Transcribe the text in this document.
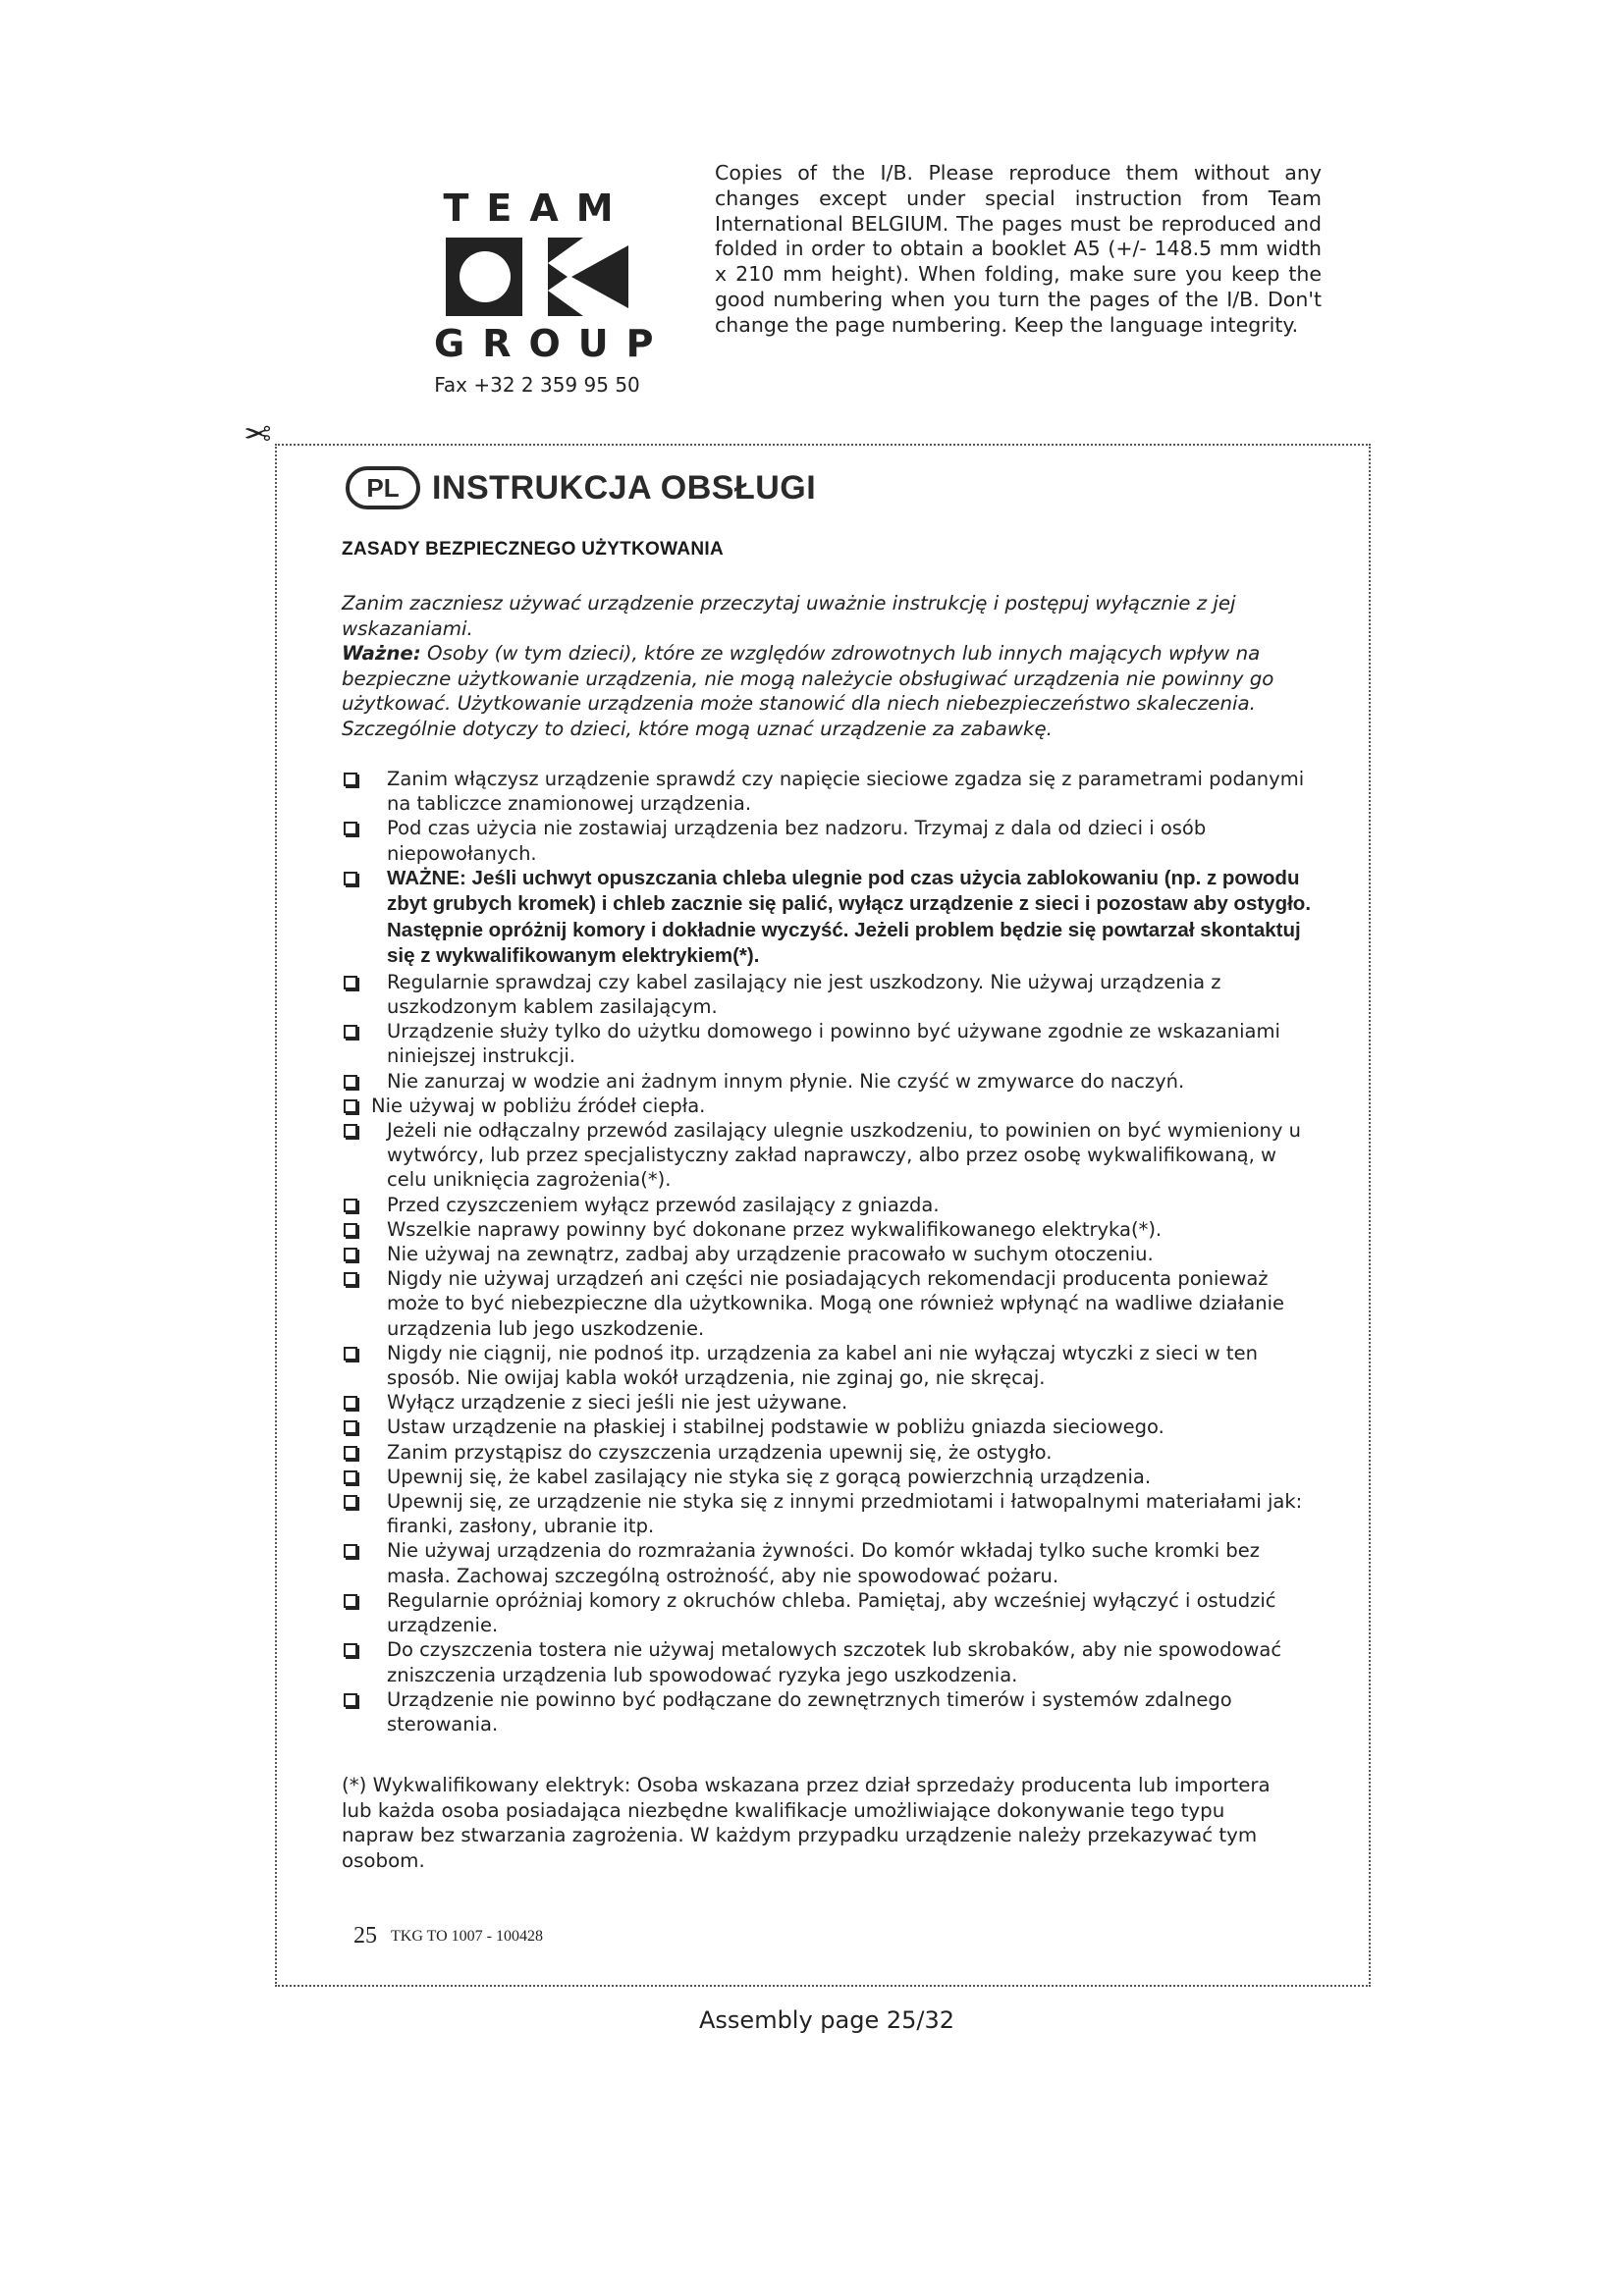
TEAM
GROUP
Fax +32 2 359 95 50
Copies of the I/B. Please reproduce them without any changes except under special instruction from Team International BELGIUM. The pages must be reproduced and folded in order to obtain a booklet A5 (+/- 148.5 mm width x 210 mm height). When folding, make sure you keep the good numbering when you turn the pages of the I/B. Don't change the page numbering. Keep the language integrity.
✂
PL INSTRUKCJA OBSŁUGI
ZASADY BEZPIECZNEGO UŻYTKOWANIA
Zanim zaczniesz używać urządzenie przeczytaj uważnie instrukcję i postępuj wyłącznie z jej wskazaniami.
Ważne: Osoby (w tym dzieci), które ze względów zdrowotnych lub innych mających wpływ na bezpieczne użytkowanie urządzenia, nie mogą należycie obsługiwać urządzenia nie powinny go użytkować. Użytkowanie urządzenia może stanowić dla niech niebezpieczeństwo skaleczenia. Szczególnie dotyczy to dzieci, które mogą uznać urządzenie za zabawkę.
Zanim włączysz urządzenie sprawdź czy napięcie sieciowe zgadza się z parametrami podanymi na tabliczce znamionowej urządzenia.
Pod czas użycia nie zostawiaj urządzenia bez nadzoru. Trzymaj z dala od dzieci i osób niepowołanych.
WAŻNE: Jeśli uchwyt opuszczania chleba ulegnie pod czas użycia zablokowaniu (np. z powodu zbyt grubych kromek) i chleb zacznie się palić, wyłącz urządzenie z sieci i pozostaw aby ostygło. Następnie opróżnij komory i dokładnie wyczyść. Jeżeli problem będzie się powtarzał skontaktuj się z wykwalifikowanym elektrykiem(*).
Regularnie sprawdzaj czy kabel zasilający nie jest uszkodzony. Nie używaj urządzenia z uszkodzonym kablem zasilającym.
Urządzenie służy tylko do użytku domowego i powinno być używane zgodnie ze wskazaniami niniejszej instrukcji.
Nie zanurzaj w wodzie ani żadnym innym płynie. Nie czyść w zmywarce do naczyń.
Nie używaj w pobliżu źródeł ciepła.
Jeżeli nie odłączalny przewód zasilający ulegnie uszkodzeniu, to powinien on być wymieniony u wytwórcy, lub przez specjalistyczny zakład naprawczy, albo przez osobę wykwalifikowaną, w celu uniknięcia zagrożenia(*).
Przed czyszczeniem wyłącz przewód zasilający z gniazda.
Wszelkie naprawy powinny być dokonane przez wykwalifikowanego elektryka(*).
Nie używaj na zewnątrz, zadbaj aby urządzenie pracowało w suchym otoczeniu.
Nigdy nie używaj urządzeń ani części nie posiadających rekomendacji producenta ponieważ może to być niebezpieczne dla użytkownika. Mogą one również wpłynąć na wadliwe działanie urządzenia lub jego uszkodzenie.
Nigdy nie ciągnij, nie podnoś itp. urządzenia za kabel ani nie wyłączaj wtyczki z sieci w ten sposób. Nie owijaj kabla wokół urządzenia, nie zginaj go, nie skręcaj.
Wyłącz urządzenie z sieci jeśli nie jest używane.
Ustaw urządzenie na płaskiej i stabilnej podstawie w pobliżu gniazda sieciowego.
Zanim przystąpisz do czyszczenia urządzenia upewnij się, że ostygło.
Upewnij się, że kabel zasilający nie styka się z gorącą powierzchnią urządzenia.
Upewnij się, ze urządzenie nie styka się z innymi przedmiotami i łatwopalnymi materiałami jak: firanki, zasłony, ubranie itp.
Nie używaj urządzenia do rozmrażania żywności. Do komór wkładaj tylko suche kromki bez masła. Zachowaj szczególną ostrożność, aby nie spowodować pożaru.
Regularnie opróżniaj komory z okruchów chleba. Pamiętaj, aby wcześniej wyłączyć i ostudzić urządzenie.
Do czyszczenia tostera nie używaj metalowych szczotek lub skrobaków, aby nie spowodować zniszczenia urządzenia lub spowodować ryzyka jego uszkodzenia.
Urządzenie nie powinno być podłączane do zewnętrznych timerów i systemów zdalnego sterowania.
(*) Wykwalifikowany elektryk: Osoba wskazana przez dział sprzedaży producenta lub importera lub każda osoba posiadająca niezbędne kwalifikacje umożliwiające dokonywanie tego typu napraw bez stwarzania zagrożenia. W każdym przypadku urządzenie należy przekazywać tym osobom.
25 TKG TO 1007 - 100428
Assembly page 25/32
